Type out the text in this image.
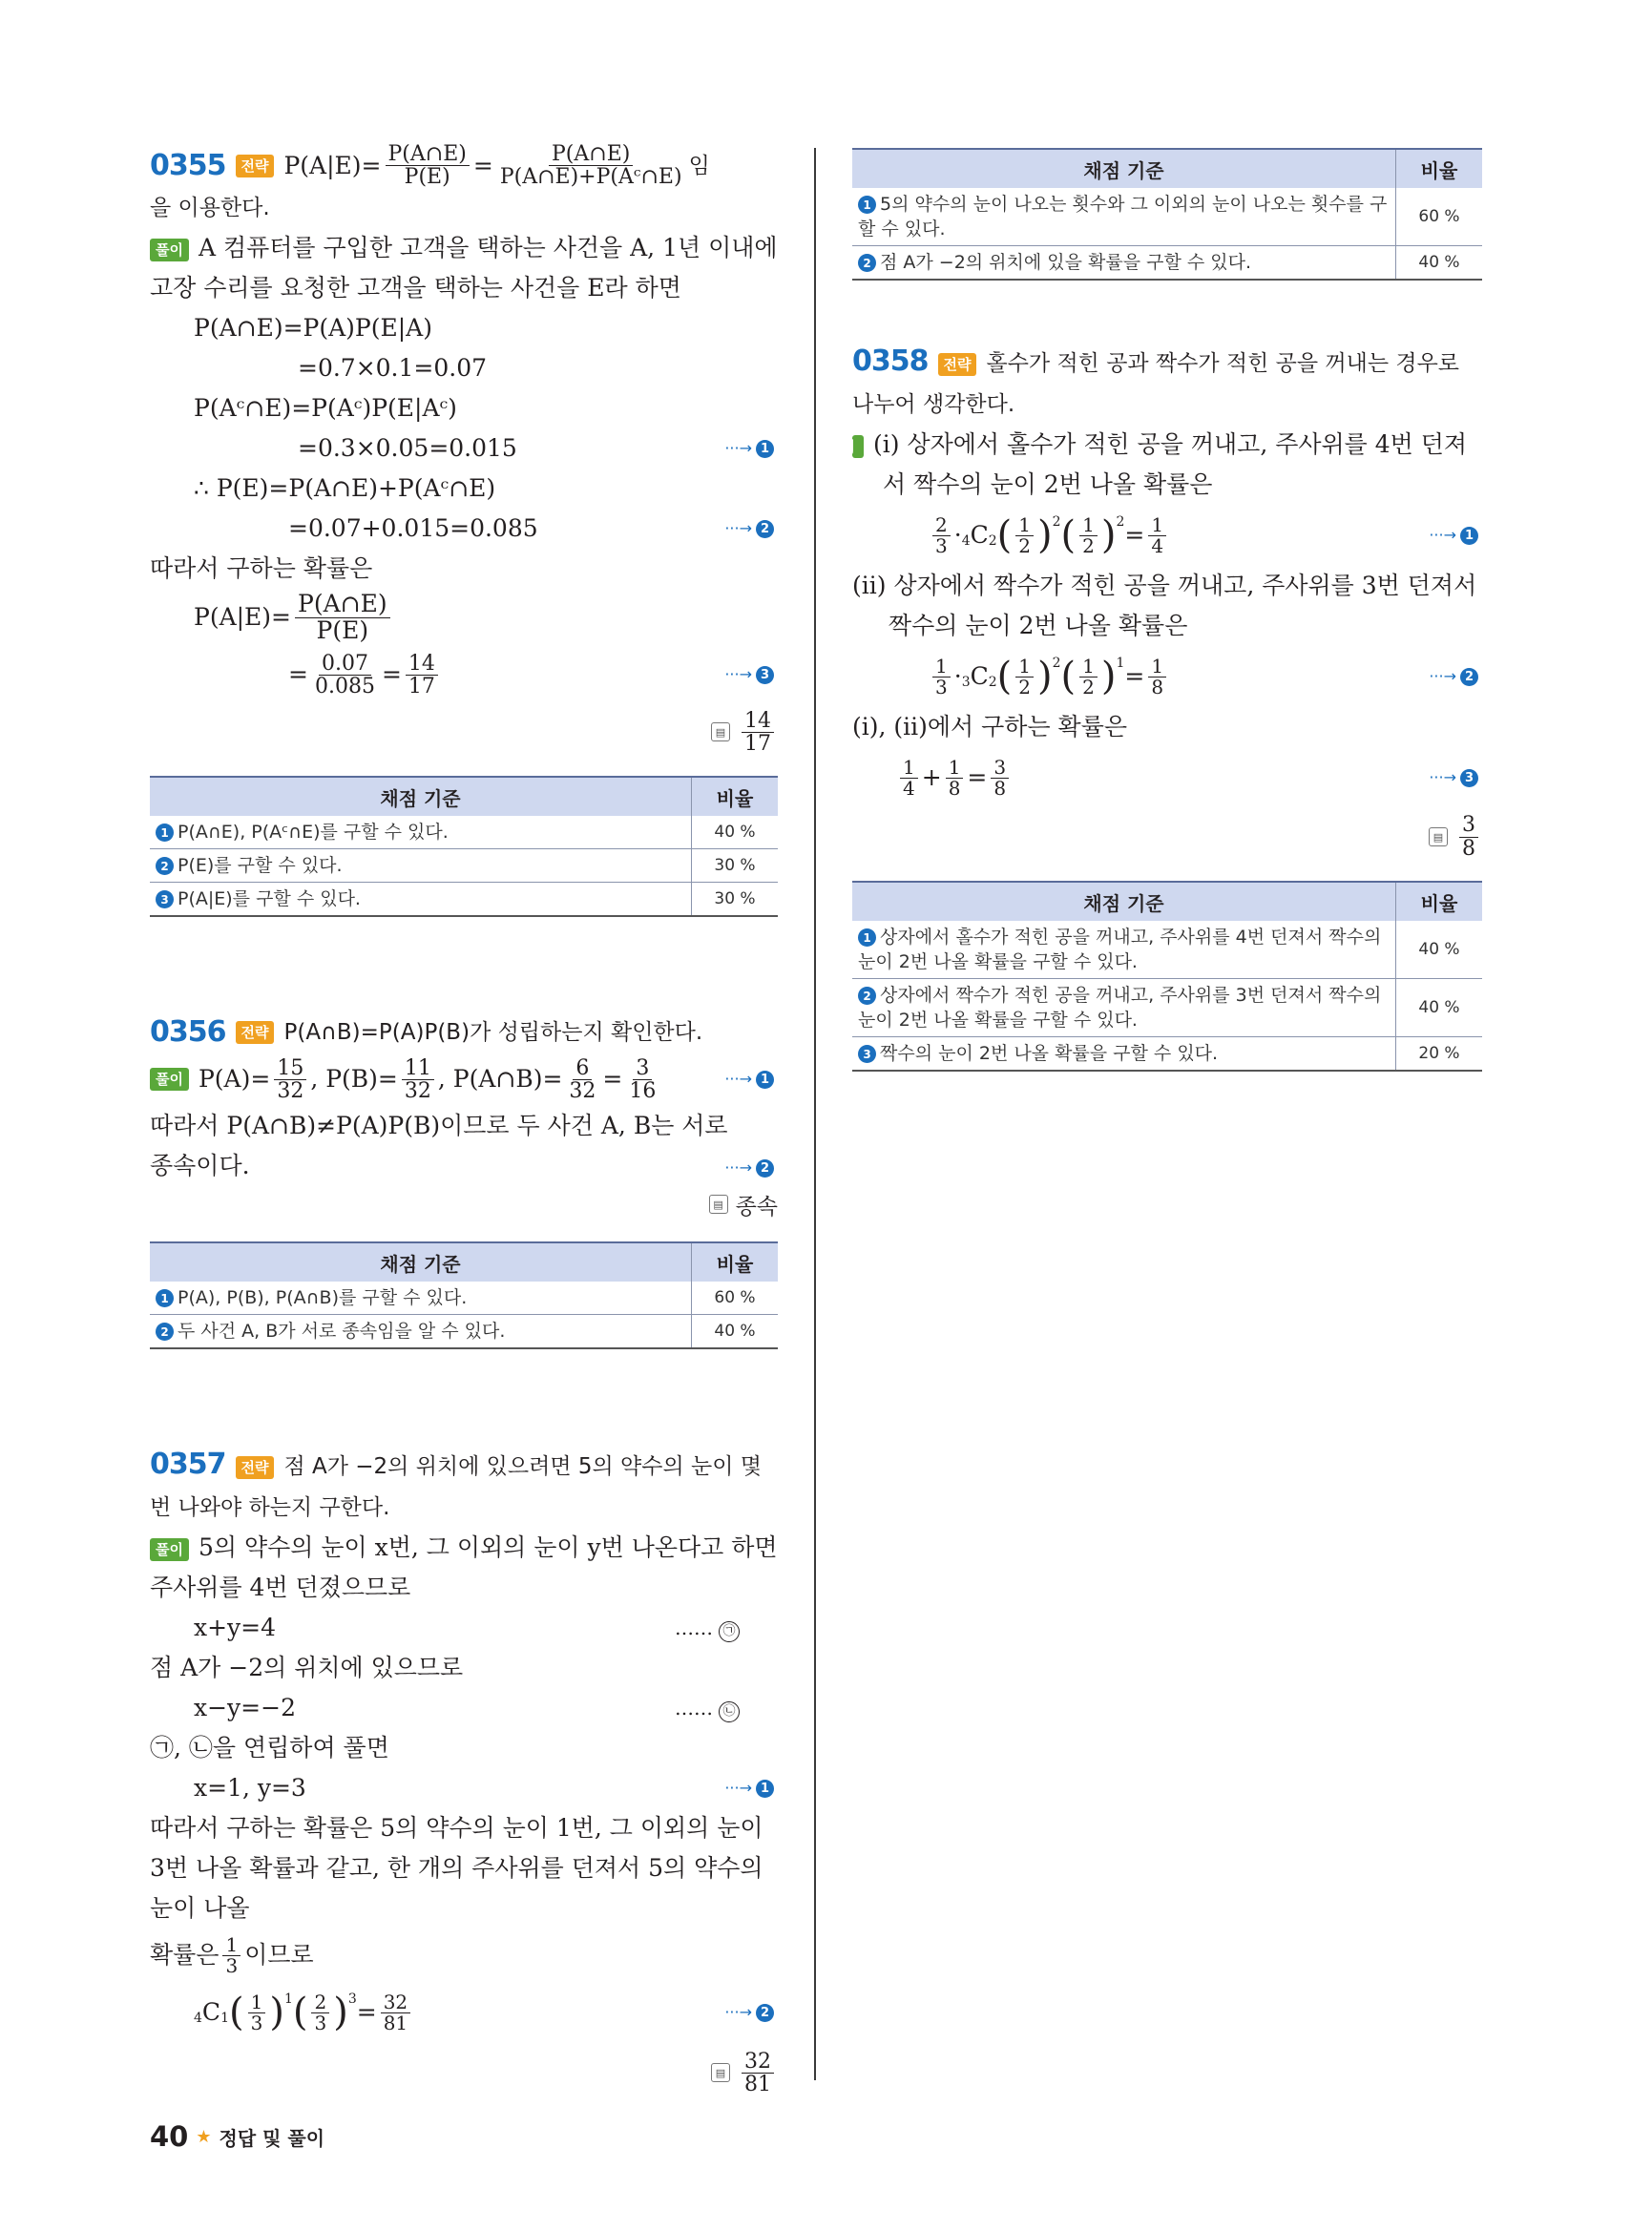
0355	전략 $P(A|E)= \frac{P(A\cap E)}{P(E)} = \frac{P(A\cap E)}{\text{P(A∩E)+P(Aᶜ∩E)}}$ 임
을 이용한다.
풀이 A 컴퓨터를 구입한 고객을 택하는 사건을 A, 1년 이내에 고장 수리를 요청한 고객을 택하는 사건을 E라 하면
P(A∩E)=P(A)P(E|A)
=0.7×0.1=0.07
P(Aᶜ∩E)=P(Aᶜ)P(E|Aᶜ)
=0.3×0.05=0.015	···→ 1
∴ P(E)=P(A∩E)+P(Aᶜ∩E)
=0.07+0.015=0.085	···→ 2
따라서 구하는 확률은
$P(A|E)= \frac{P(A\cap E)}{P(E)}$
= $\frac{0.07}{0.085} = \frac{14}{17}$	···→ 3
▤ $\frac{14}{17}$
채점 기준	비율
1 P(A∩E), P(Aᶜ∩E)를 구할 수 있다.	40 %
2 P(E)를 구할 수 있다.	30 %
3 P(A|E)를 구할 수 있다.	30 %
0356	전략 P(A∩B)=P(A)P(B)가 성립하는지 확인한다.
풀이 $P(A)= \frac{15}{32}$ , $P(B)= \frac{11}{32}$ , P(A∩B)= $\frac{6}{32} = \frac{3}{16}$	···→ 1
따라서 P(A∩B)≠P(A)P(B)이므로 두 사건 A, B는 서로 종속이다.	···→ 2
▤ 종속
채점 기준	비율
1 P(A), P(B), P(A∩B)를 구할 수 있다.	60 %
2 두 사건 A, B가 서로 종속임을 알 수 있다.	40 %
0357 전략 점 A가 −2의 위치에 있으려면 5의 약수의 눈이 몇 번 나와야 하는지 구한다.
풀이 5의 약수의 눈이 x번, 그 이외의 눈이 y번 나온다고 하면 주사위를 4번 던졌으므로
x+y=4	…… ㉠
점 A가 −2의 위치에 있으므로
x−y=−2	…… ㉡
㉠, ㉡을 연립하여 풀면
x=1, y=3	···→ 1
따라서 구하는 확률은 5의 약수의 눈이 1번, 그 이외의 눈이 3번 나올 확률과 같고, 한 개의 주사위를 던져서 5의 약수의 눈이 나올
확률은 $\frac{1}{3}$ 이므로
4 C 1 ( $\frac{1}{3}$ ) 1 ( $\frac{2}{3}$ ) $3 = \frac{32}{81}$	···→ 2
▤ $\frac{32}{81}$
채점 기준	비율
1 5의 약수의 눈이 나오는 횟수와 그 이외의 눈이 나오는 횟수를 구할 수 있다.	60 %
2 점 A가 −2의 위치에 있을 확률을 구할 수 있다.	40 %
0358 전략 홀수가 적힌 공과 짝수가 적힌 공을 꺼내는 경우로 나누어 생각한다.
풀이 (i) 상자에서 홀수가 적힌 공을 꺼내고, 주사위를 4번 던져서 짝수의 눈이 2번 나올 확률은
$\frac{2}{3} \cdot 4$ C 2 ( $\frac{1}{2}$ ) 2 ( $\frac{1}{2}$ ) $2 = \frac{1}{4}$	···→ 1
(ii) 상자에서 짝수가 적힌 공을 꺼내고, 주사위를 3번 던져서 짝수의 눈이 2번 나올 확률은
$\frac{1}{3} \cdot 3$ C 2 ( $\frac{1}{2}$ ) 2 ( $\frac{1}{2}$ ) $1 = \frac{1}{8}$	···→ 2
(i), (ii)에서 구하는 확률은
$\frac{1}{4} + \frac{1}{8} = \frac{3}{8}$	···→ 3
▤ $\frac{3}{8}$
채점 기준	비율
1 상자에서 홀수가 적힌 공을 꺼내고, 주사위를 4번 던져서 짝수의 눈이 2번 나올 확률을 구할 수 있다.	40 %
2 상자에서 짝수가 적힌 공을 꺼내고, 주사위를 3번 던져서 짝수의 눈이 2번 나올 확률을 구할 수 있다.	40 %
3 짝수의 눈이 2번 나올 확률을 구할 수 있다.	20 %
40 ★ 정답 및 풀이
